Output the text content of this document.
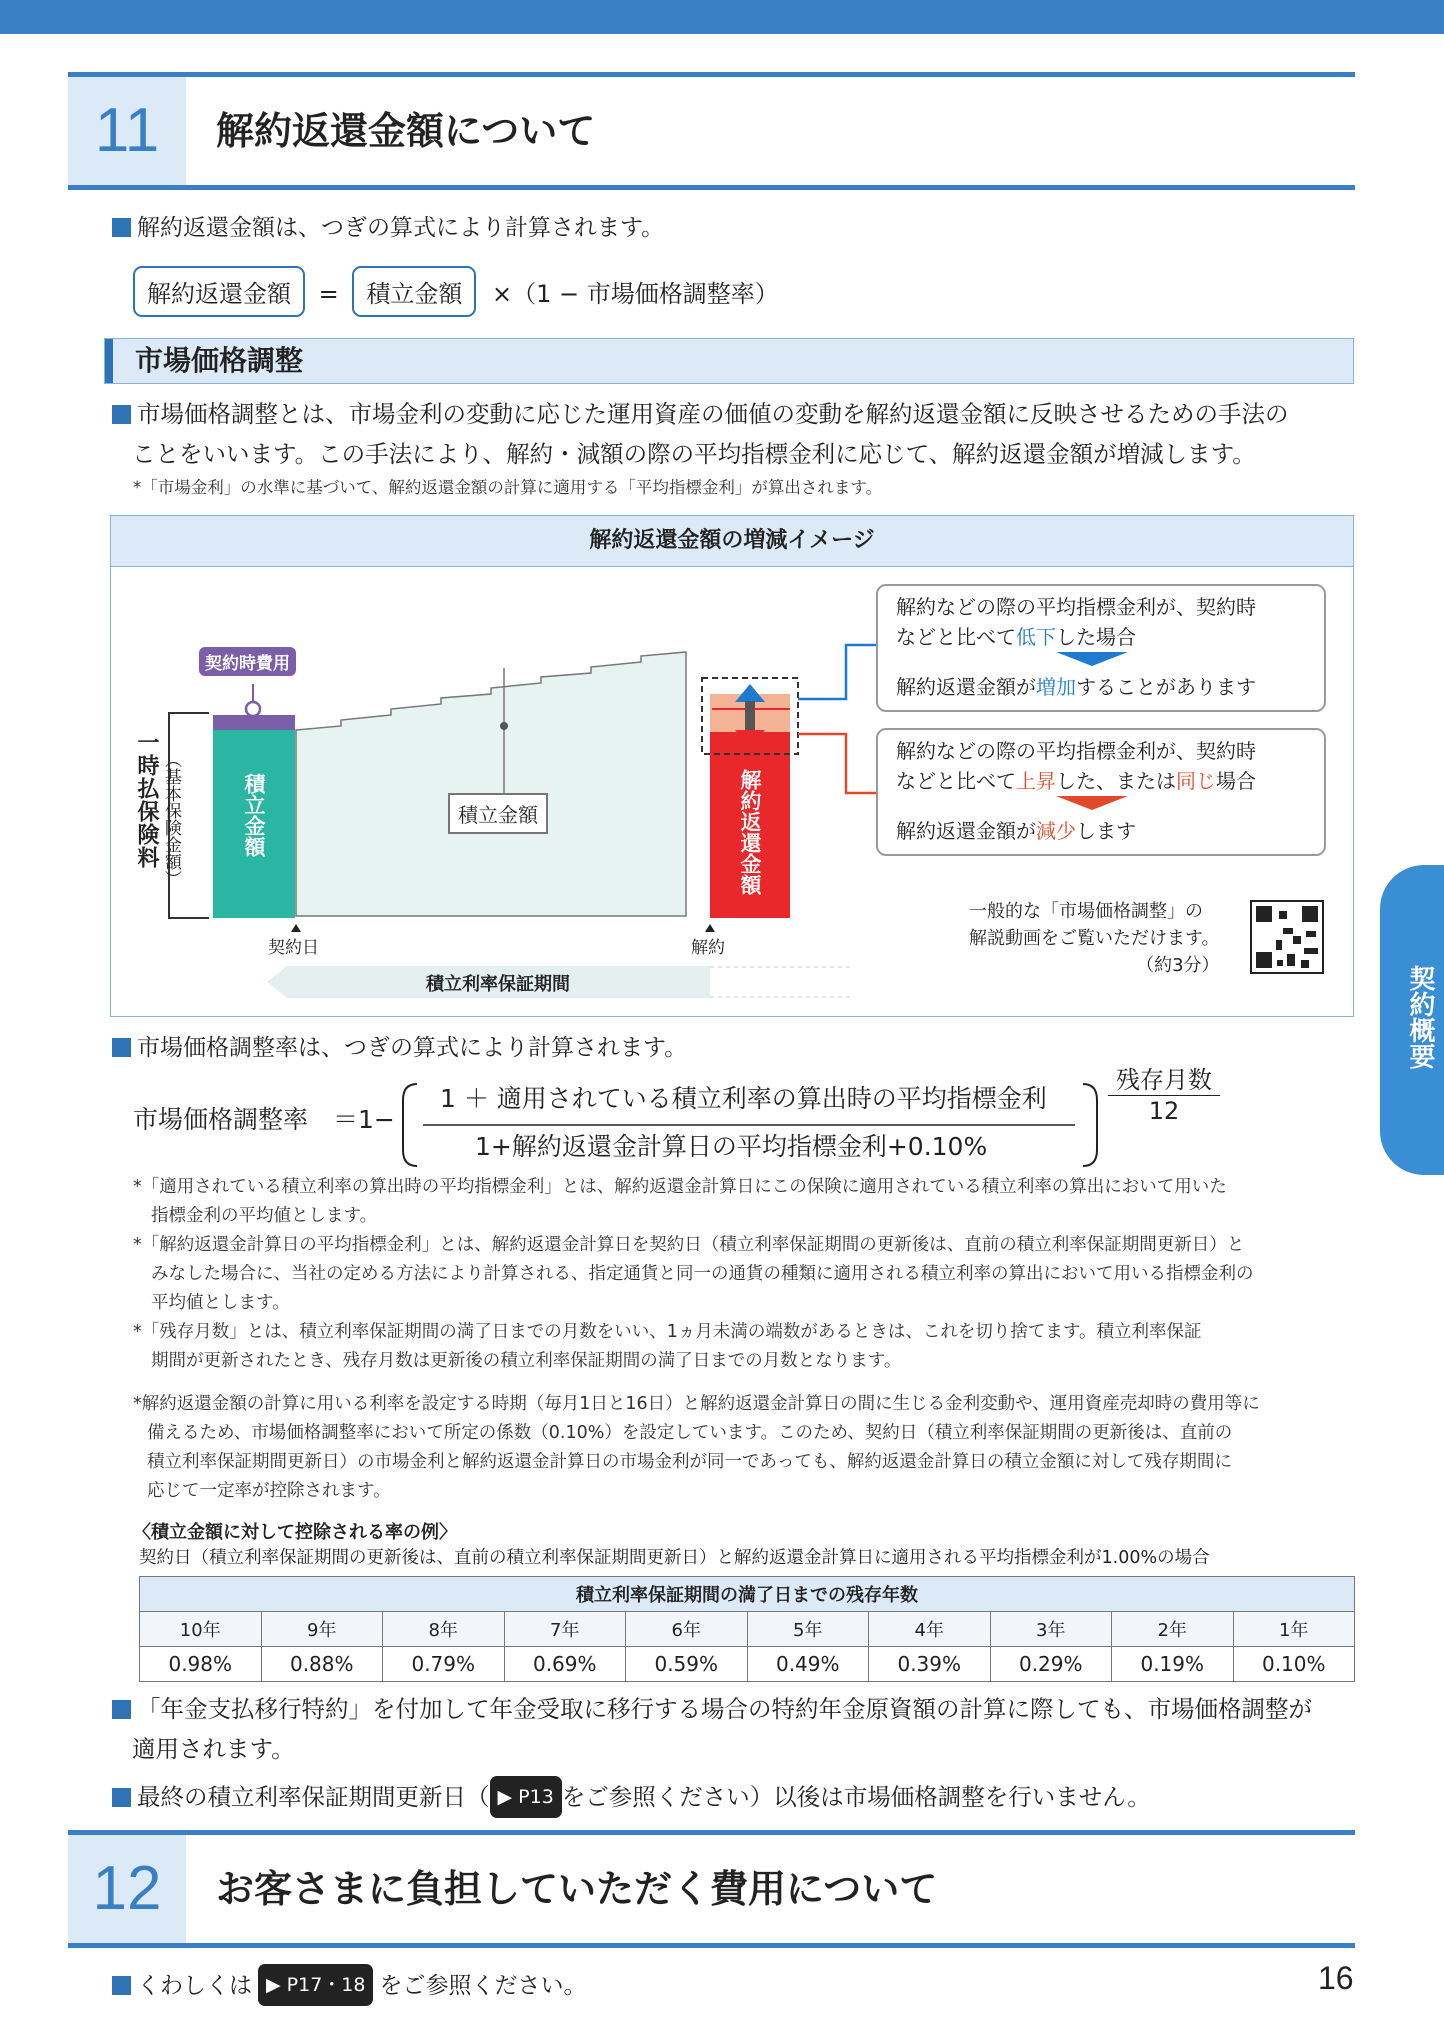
11	解約返還金額について
解約返還金額は、つぎの算式により計算されます。
解約返還金額 = 積立金額 ×（1 − 市場価格調整率）
市場価格調整
市場価格調整とは、市場金利の変動に応じた運用資産の価値の変動を解約返還金額に反映させるための手法の
ことをいいます。この手法により、解約・減額の際の平均指標金利に応じて、解約返還金額が増減します。
*「市場金利」の水準に基づいて、解約返還金額の計算に適用する「平均指標金利」が算出されます。
解約返還金額の増減イメージ
契約時費用
一時払保険料 （基本保険金額）	積立金額	積立金額	解約返還金額
契約日	解約
積立利率保証期間
解約などの際の平均指標金利が、契約時
などと比べて低下した場合
解約返還金額が増加することがあります
解約などの際の平均指標金利が、契約時
などと比べて上昇した、または同じ場合
解約返還金額が減少します
一般的な「市場価格調整」の
解説動画をご覧いただけます。
（約3分）
市場価格調整率は、つぎの算式により計算されます。
市場価格調整率　＝1−
1 ＋ 適用されている積立利率の算出時の平均指標金利
1+解約返還金計算日の平均指標金利+0.10%
残存月数
12
*「適用されている積立利率の算出時の平均指標金利」とは、解約返還金計算日にこの保険に適用されている積立利率の算出において用いた
指標金利の平均値とします。
*「解約返還金計算日の平均指標金利」とは、解約返還金計算日を契約日（積立利率保証期間の更新後は、直前の積立利率保証期間更新日）と
みなした場合に、当社の定める方法により計算される、指定通貨と同一の通貨の種類に適用される積立利率の算出において用いる指標金利の
平均値とします。
*「残存月数」とは、積立利率保証期間の満了日までの月数をいい、1ヵ月未満の端数があるときは、これを切り捨てます。積立利率保証
期間が更新されたとき、残存月数は更新後の積立利率保証期間の満了日までの月数となります。
*解約返還金額の計算に用いる利率を設定する時期（毎月1日と16日）と解約返還金計算日の間に生じる金利変動や、運用資産売却時の費用等に
備えるため、市場価格調整率において所定の係数（0.10%）を設定しています。このため、契約日（積立利率保証期間の更新後は、直前の
積立利率保証期間更新日）の市場金利と解約返還金計算日の市場金利が同一であっても、解約返還金計算日の積立金額に対して残存期間に
応じて一定率が控除されます。
〈積立金額に対して控除される率の例〉
契約日（積立利率保証期間の更新後は、直前の積立利率保証期間更新日）と解約返還金計算日に適用される平均指標金利が1.00%の場合
積立利率保証期間の満了日までの残存年数									
10年	9年	8年	7年	6年	5年	4年	3年	2年	1年
0.98%	0.88%	0.79%	0.69%	0.59%	0.49%	0.39%	0.29%	0.19%	0.10%
「年金支払移行特約」を付加して年金受取に移行する場合の特約年金原資額の計算に際しても、市場価格調整が
適用されます。
最終の積立利率保証期間更新日（ ▶ P13 をご参照ください）以後は市場価格調整を行いません。
12	お客さまに負担していただく費用について
くわしくは ▶ P17・18 をご参照ください。	16
契約概要
